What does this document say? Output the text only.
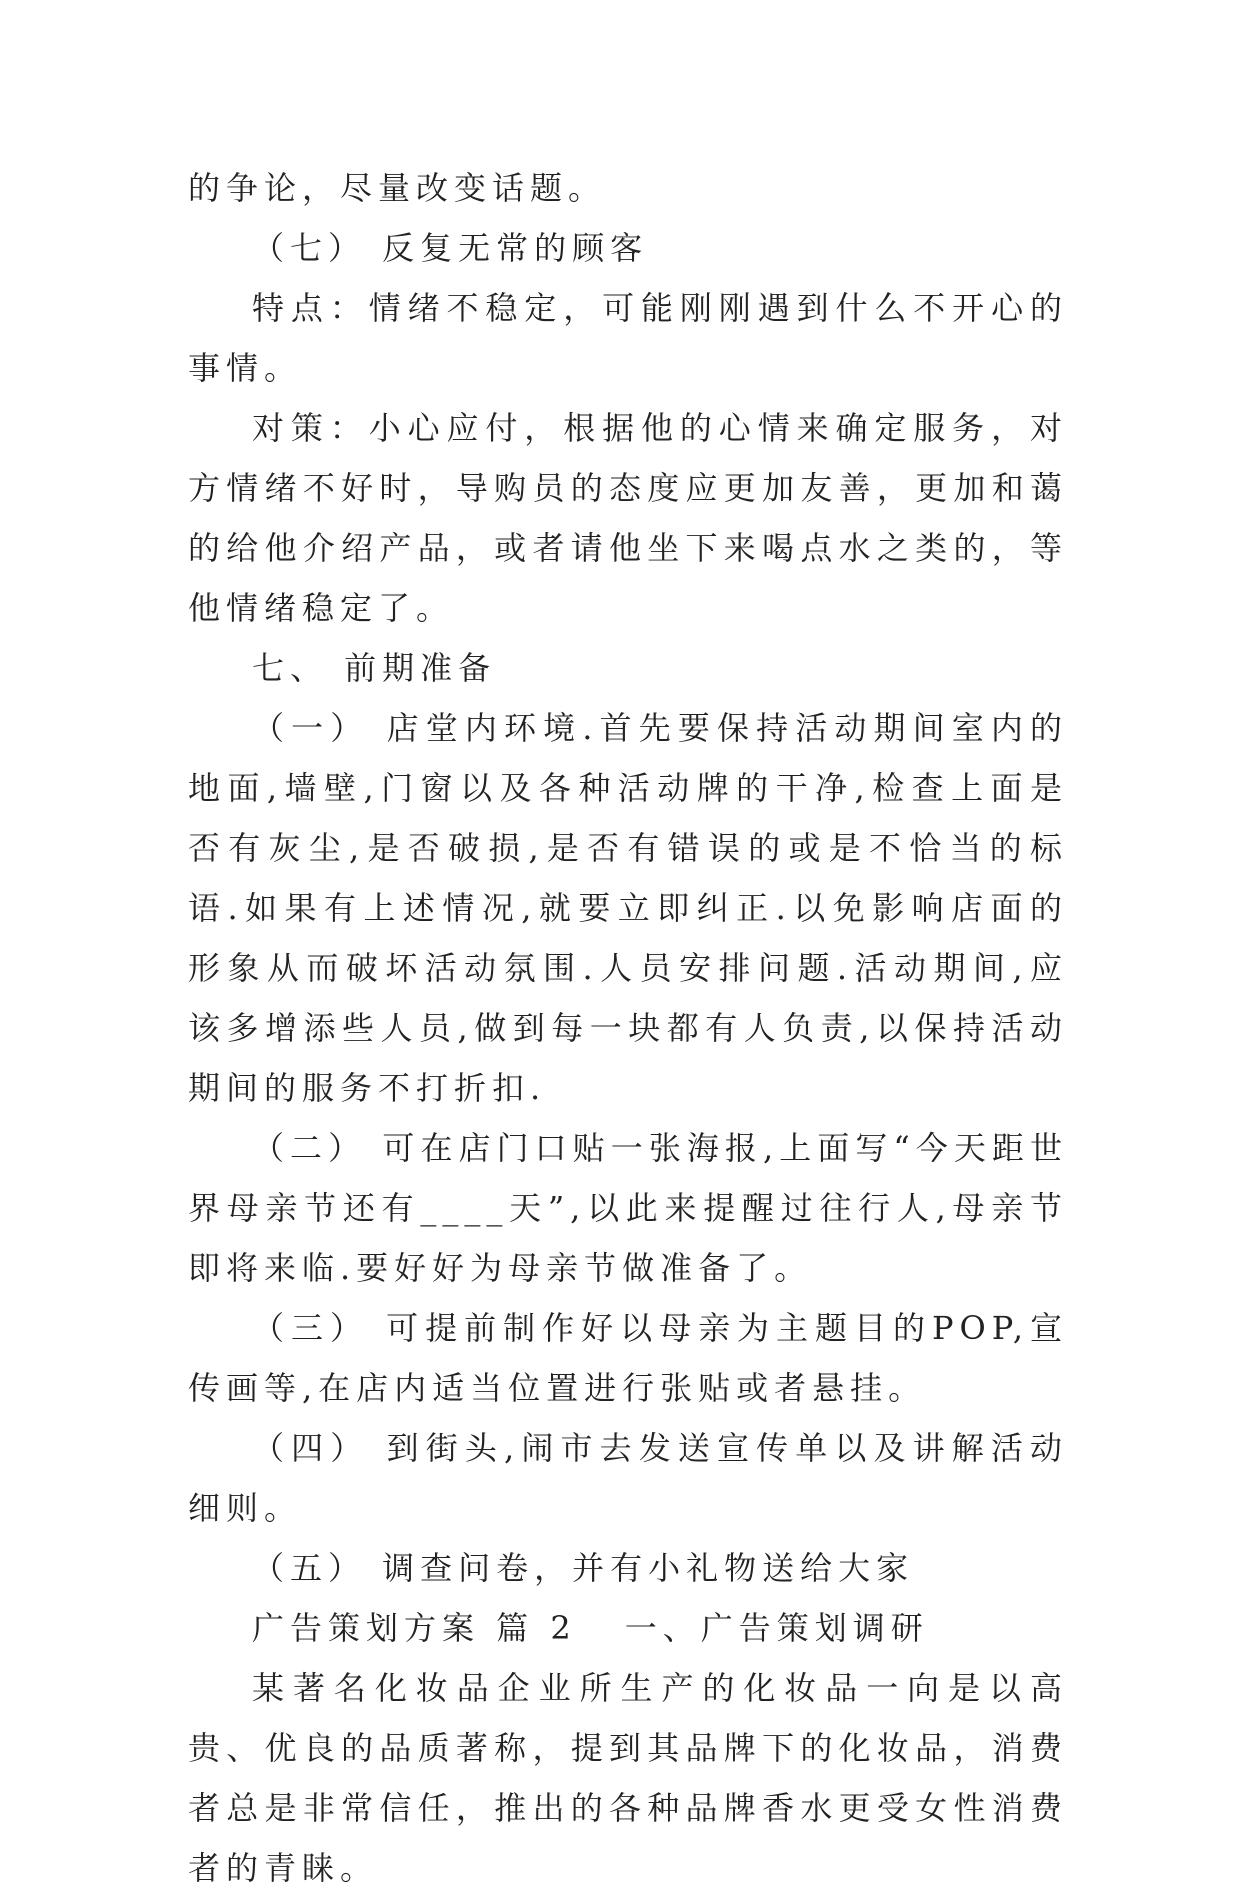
的争论，尽量改变话题。

（七） 反复无常的顾客

特点：情绪不稳定，可能刚刚遇到什么不开心的事情。

对策：小心应付，根据他的心情来确定服务，对方情绪不好时，导购员的态度应更加友善，更加和蔼的给他介绍产品，或者请他坐下来喝点水之类的，等他情绪稳定了。

七、 前期准备

（一） 店堂内环境.首先要保持活动期间室内的地面,墙壁,门窗以及各种活动牌的干净,检查上面是否有灰尘,是否破损,是否有错误的或是不恰当的标语.如果有上述情况,就要立即纠正.以免影响店面的形象从而破坏活动氛围.人员安排问题.活动期间,应该多增添些人员,做到每一块都有人负责,以保持活动期间的服务不打折扣.

（二） 可在店门口贴一张海报,上面写“今天距世界母亲节还有____天”,以此来提醒过往行人,母亲节即将来临.要好好为母亲节做准备了。

（三） 可提前制作好以母亲为主题目的POP,宣传画等,在店内适当位置进行张贴或者悬挂。

（四） 到街头,闹市去发送宣传单以及讲解活动细则。

（五） 调查问卷，并有小礼物送给大家

广告策划方案 篇 2 一、广告策划调研

某著名化妆品企业所生产的化妆品一向是以高贵、优良的品质著称，提到其品牌下的化妆品，消费者总是非常信任，推出的各种品牌香水更受女性消费者的青睐。
